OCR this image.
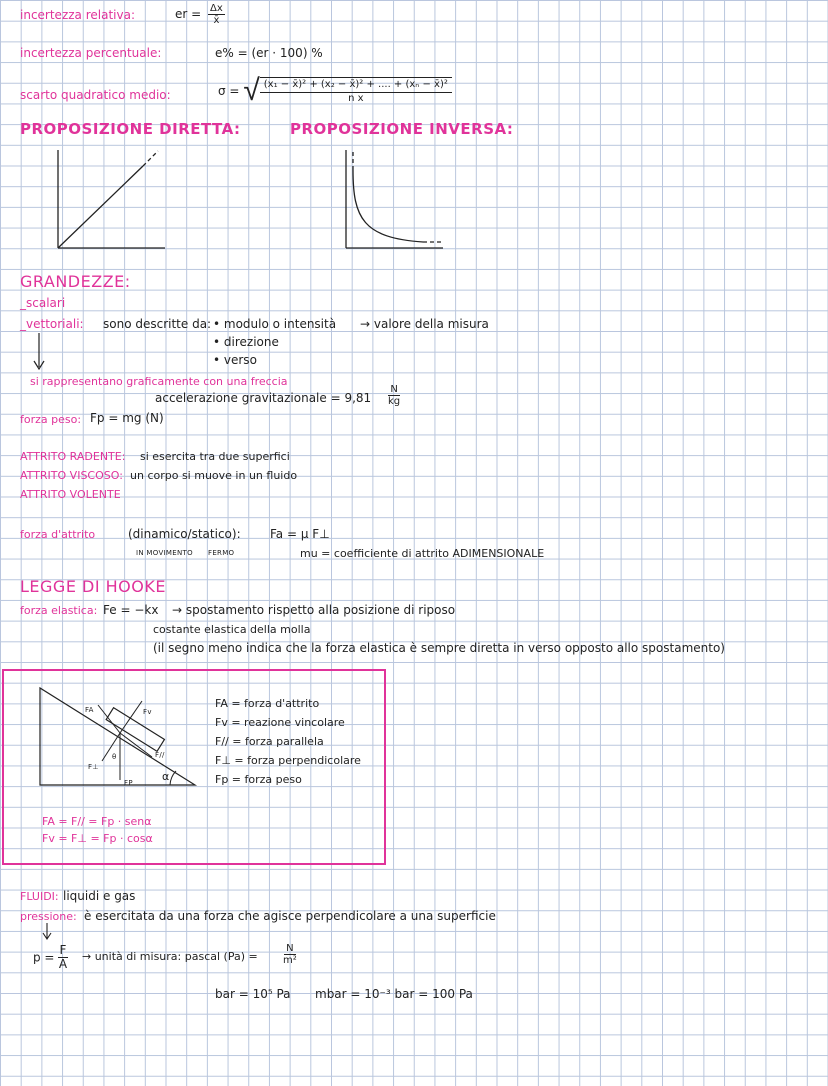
incertezza relativa:	er = $\frac{\Delta x}{x̄}$
incertezza percentuale:	e% = (er · 100) %
scarto quadratico medio:	σ = √ $\frac{\text{(x₁ − x̄)² + (x₂ − x̄)² + .... + (xₙ − x̄)²}}{\text{n x}}$
PROPOSIZIONE DIRETTA:	PROPOSIZIONE INVERSA:
GRANDEZZE:
_scalari
_vettoriali: sono descritte da: • modulo o intensità → valore della misura
• direzione
• verso
si rappresentano graficamente con una freccia
accelerazione gravitazionale = $9,81 \frac{N}{kg}$
forza peso: Fp = mg (N)
ATTRITO RADENTE: si esercita tra due superfici
ATTRITO VISCOSO: un corpo si muove in un fluido
ATTRITO VOLENTE
forza d'attrito	(dinamico/statico): Fa = μ F⊥
IN MOVIMENTO FERMO	mu = coefficiente di attrito ADIMENSIONALE
LEGGE DI HOOKE
forza elastica: Fe = −kx → spostamento rispetto alla posizione di riposo
costante elastica della molla
(il segno meno indica che la forza elastica è sempre diretta in verso opposto allo spostamento)
FA	Fv
F//
F⊥
FP
θ
α
FA = forza d'attrito
Fv = reazione vincolare
F// = forza parallela
F⊥ = forza perpendicolare
Fp = forza peso
FA = F// = Fp · senα
Fv = F⊥ = Fp · cosα
FLUIDI: liquidi e gas
pressione: è esercitata da una forza che agisce perpendicolare a una superficie
$p = \frac{F}{A}$ → unità di misura: pascal (Pa) =	$\frac{N}{\text{m²}}$
bar = 10⁵ Pa mbar = 10⁻³ bar = 100 Pa
